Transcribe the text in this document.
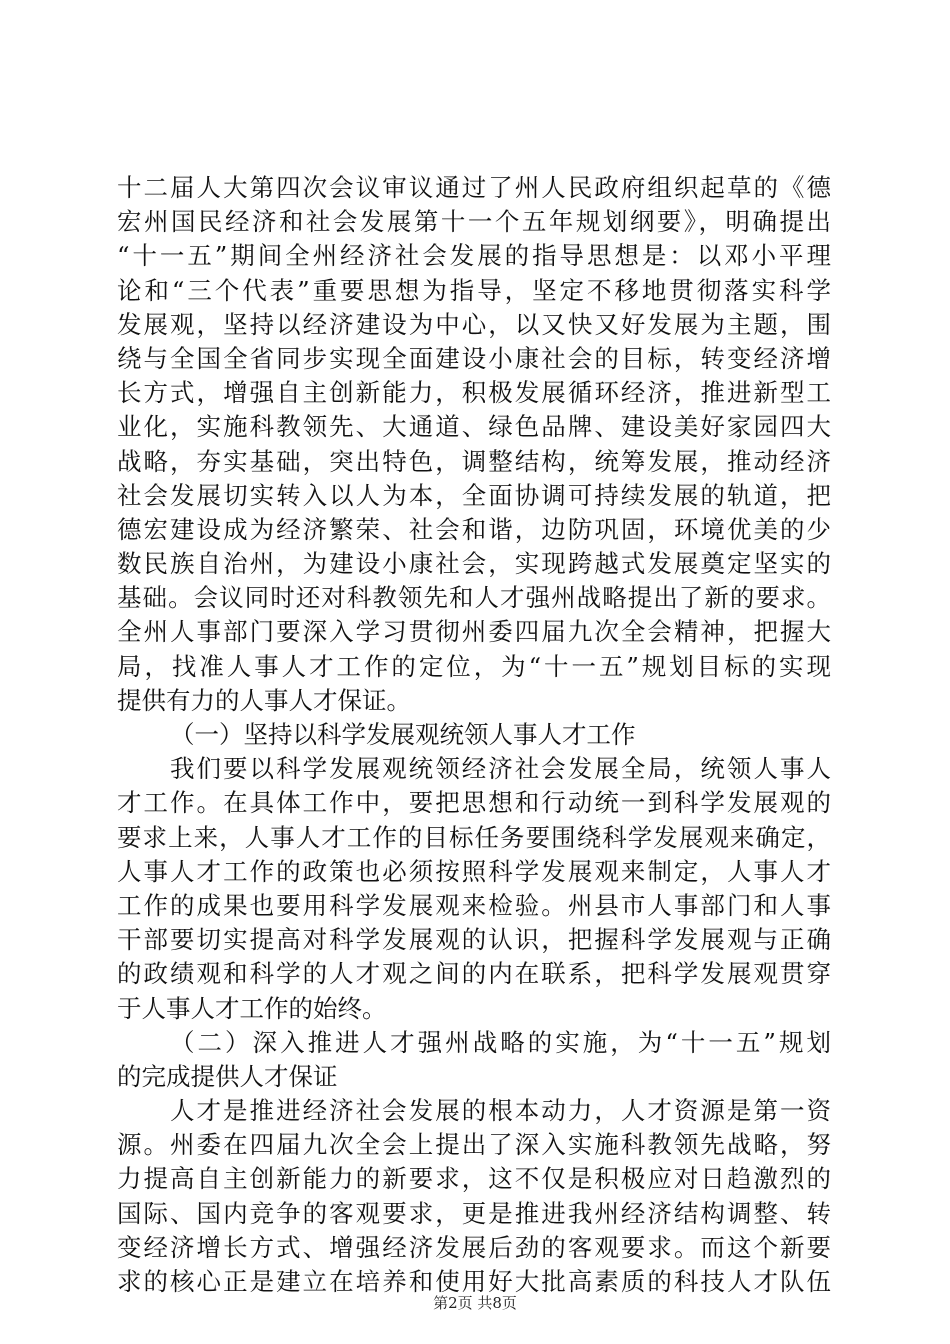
十二届人大第四次会议审议通过了州人民政府组织起草的《德
宏州国民经济和社会发展第十一个五年规划纲要》，明确提出
“十一五”期间全州经济社会发展的指导思想是：以邓小平理
论和“三个代表”重要思想为指导，坚定不移地贯彻落实科学
发展观，坚持以经济建设为中心，以又快又好发展为主题，围
绕与全国全省同步实现全面建设小康社会的目标，转变经济增
长方式，增强自主创新能力，积极发展循环经济，推进新型工
业化，实施科教领先、大通道、绿色品牌、建设美好家园四大
战略，夯实基础，突出特色，调整结构，统筹发展，推动经济
社会发展切实转入以人为本，全面协调可持续发展的轨道，把
德宏建设成为经济繁荣、社会和谐，边防巩固，环境优美的少
数民族自治州，为建设小康社会，实现跨越式发展奠定坚实的
基础。会议同时还对科教领先和人才强州战略提出了新的要求。
全州人事部门要深入学习贯彻州委四届九次全会精神，把握大
局，找准人事人才工作的定位，为“十一五”规划目标的实现
提供有力的人事人才保证。
（一）坚持以科学发展观统领人事人才工作
我们要以科学发展观统领经济社会发展全局，统领人事人
才工作。在具体工作中，要把思想和行动统一到科学发展观的
要求上来，人事人才工作的目标任务要围绕科学发展观来确定，
人事人才工作的政策也必须按照科学发展观来制定，人事人才
工作的成果也要用科学发展观来检验。州县市人事部门和人事
干部要切实提高对科学发展观的认识，把握科学发展观与正确
的政绩观和科学的人才观之间的内在联系，把科学发展观贯穿
于人事人才工作的始终。
（二）深入推进人才强州战略的实施，为“十一五”规划
的完成提供人才保证
人才是推进经济社会发展的根本动力，人才资源是第一资
源。州委在四届九次全会上提出了深入实施科教领先战略，努
力提高自主创新能力的新要求，这不仅是积极应对日趋激烈的
国际、国内竞争的客观要求，更是推进我州经济结构调整、转
变经济增长方式、增强经济发展后劲的客观要求。而这个新要
求的核心正是建立在培养和使用好大批高素质的科技人才队伍
第2页 共8页
